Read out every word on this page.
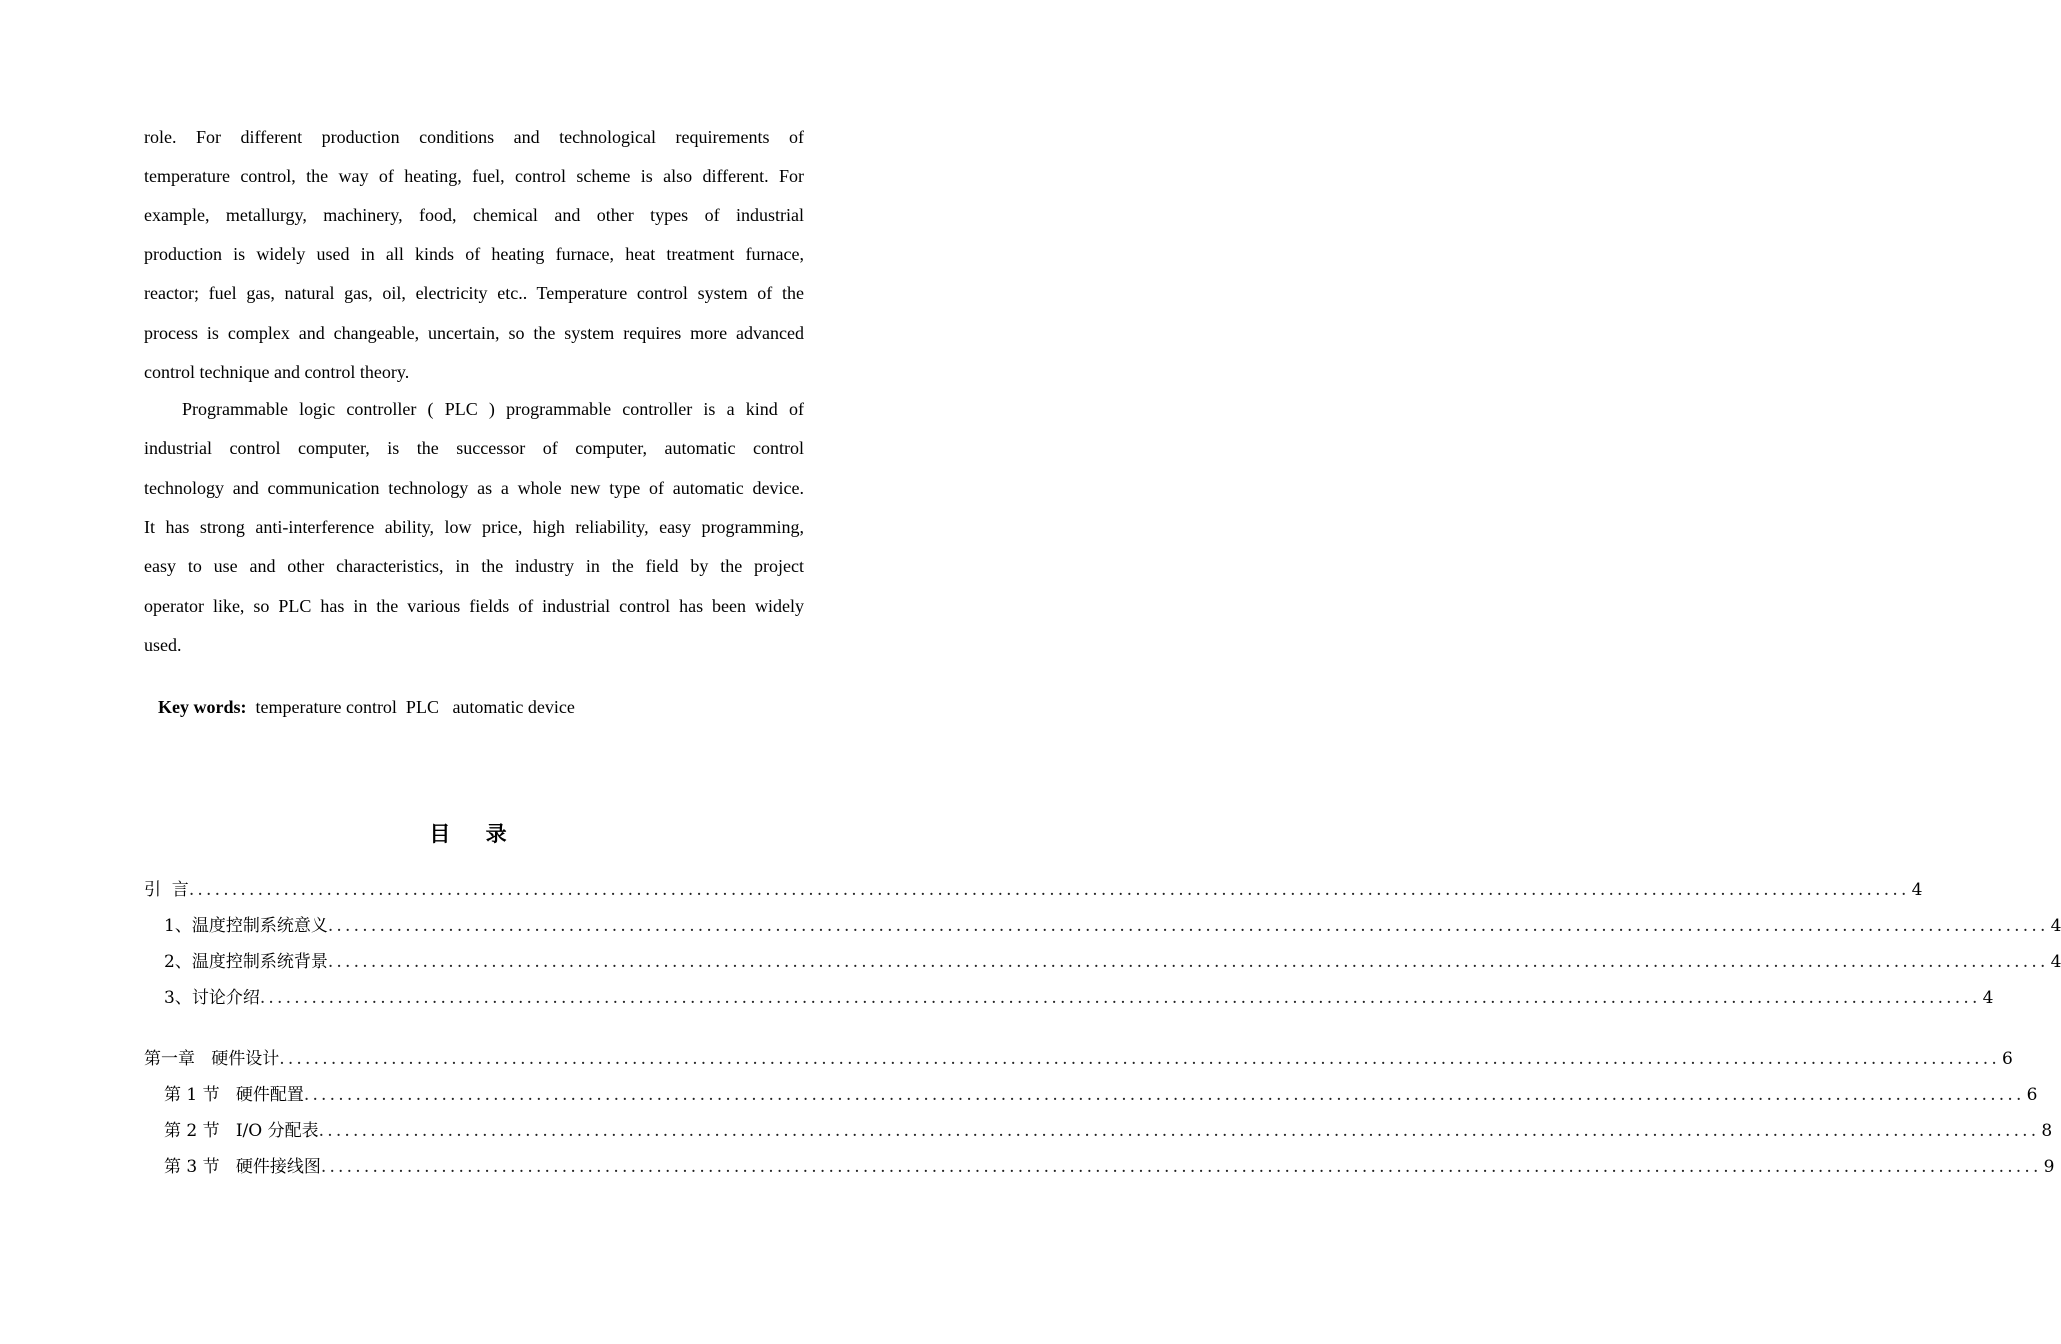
role. For different production conditions and technological requirements of
temperature control, the way of heating, fuel, control scheme is also different. For
example, metallurgy, machinery, food, chemical and other types of industrial
production is widely used in all kinds of heating furnace, heat treatment furnace,
reactor; fuel gas, natural gas, oil, electricity etc.. Temperature control system of the
process is complex and changeable, uncertain, so the system requires more advanced
control technique and control theory.
Programmable logic controller ( PLC ) programmable controller is a kind of
industrial control computer, is the successor of computer, automatic control
technology and communication technology as a whole new type of automatic device.
It has strong anti-interference ability, low price, high reliability, easy programming,
easy to use and other characteristics, in the industry in the field by the project
operator like, so PLC has in the various fields of industrial control has been widely
used.
Key words: temperature control  PLC   automatic device
目 录
引  言 ........................................................................................................................................................................................................ 4
1、温度控制系统意义 ........................................................................................................................................................................................................ 4
2、温度控制系统背景 ........................................................................................................................................................................................................ 4
3、讨论介绍 ........................................................................................................................................................................................................ 4
第一章   硬件设计 ........................................................................................................................................................................................................ 6
第 1 节   硬件配置 ........................................................................................................................................................................................................ 6
第 2 节   I/O 分配表 ........................................................................................................................................................................................................ 8
第 3 节   硬件接线图 ........................................................................................................................................................................................................ 9
